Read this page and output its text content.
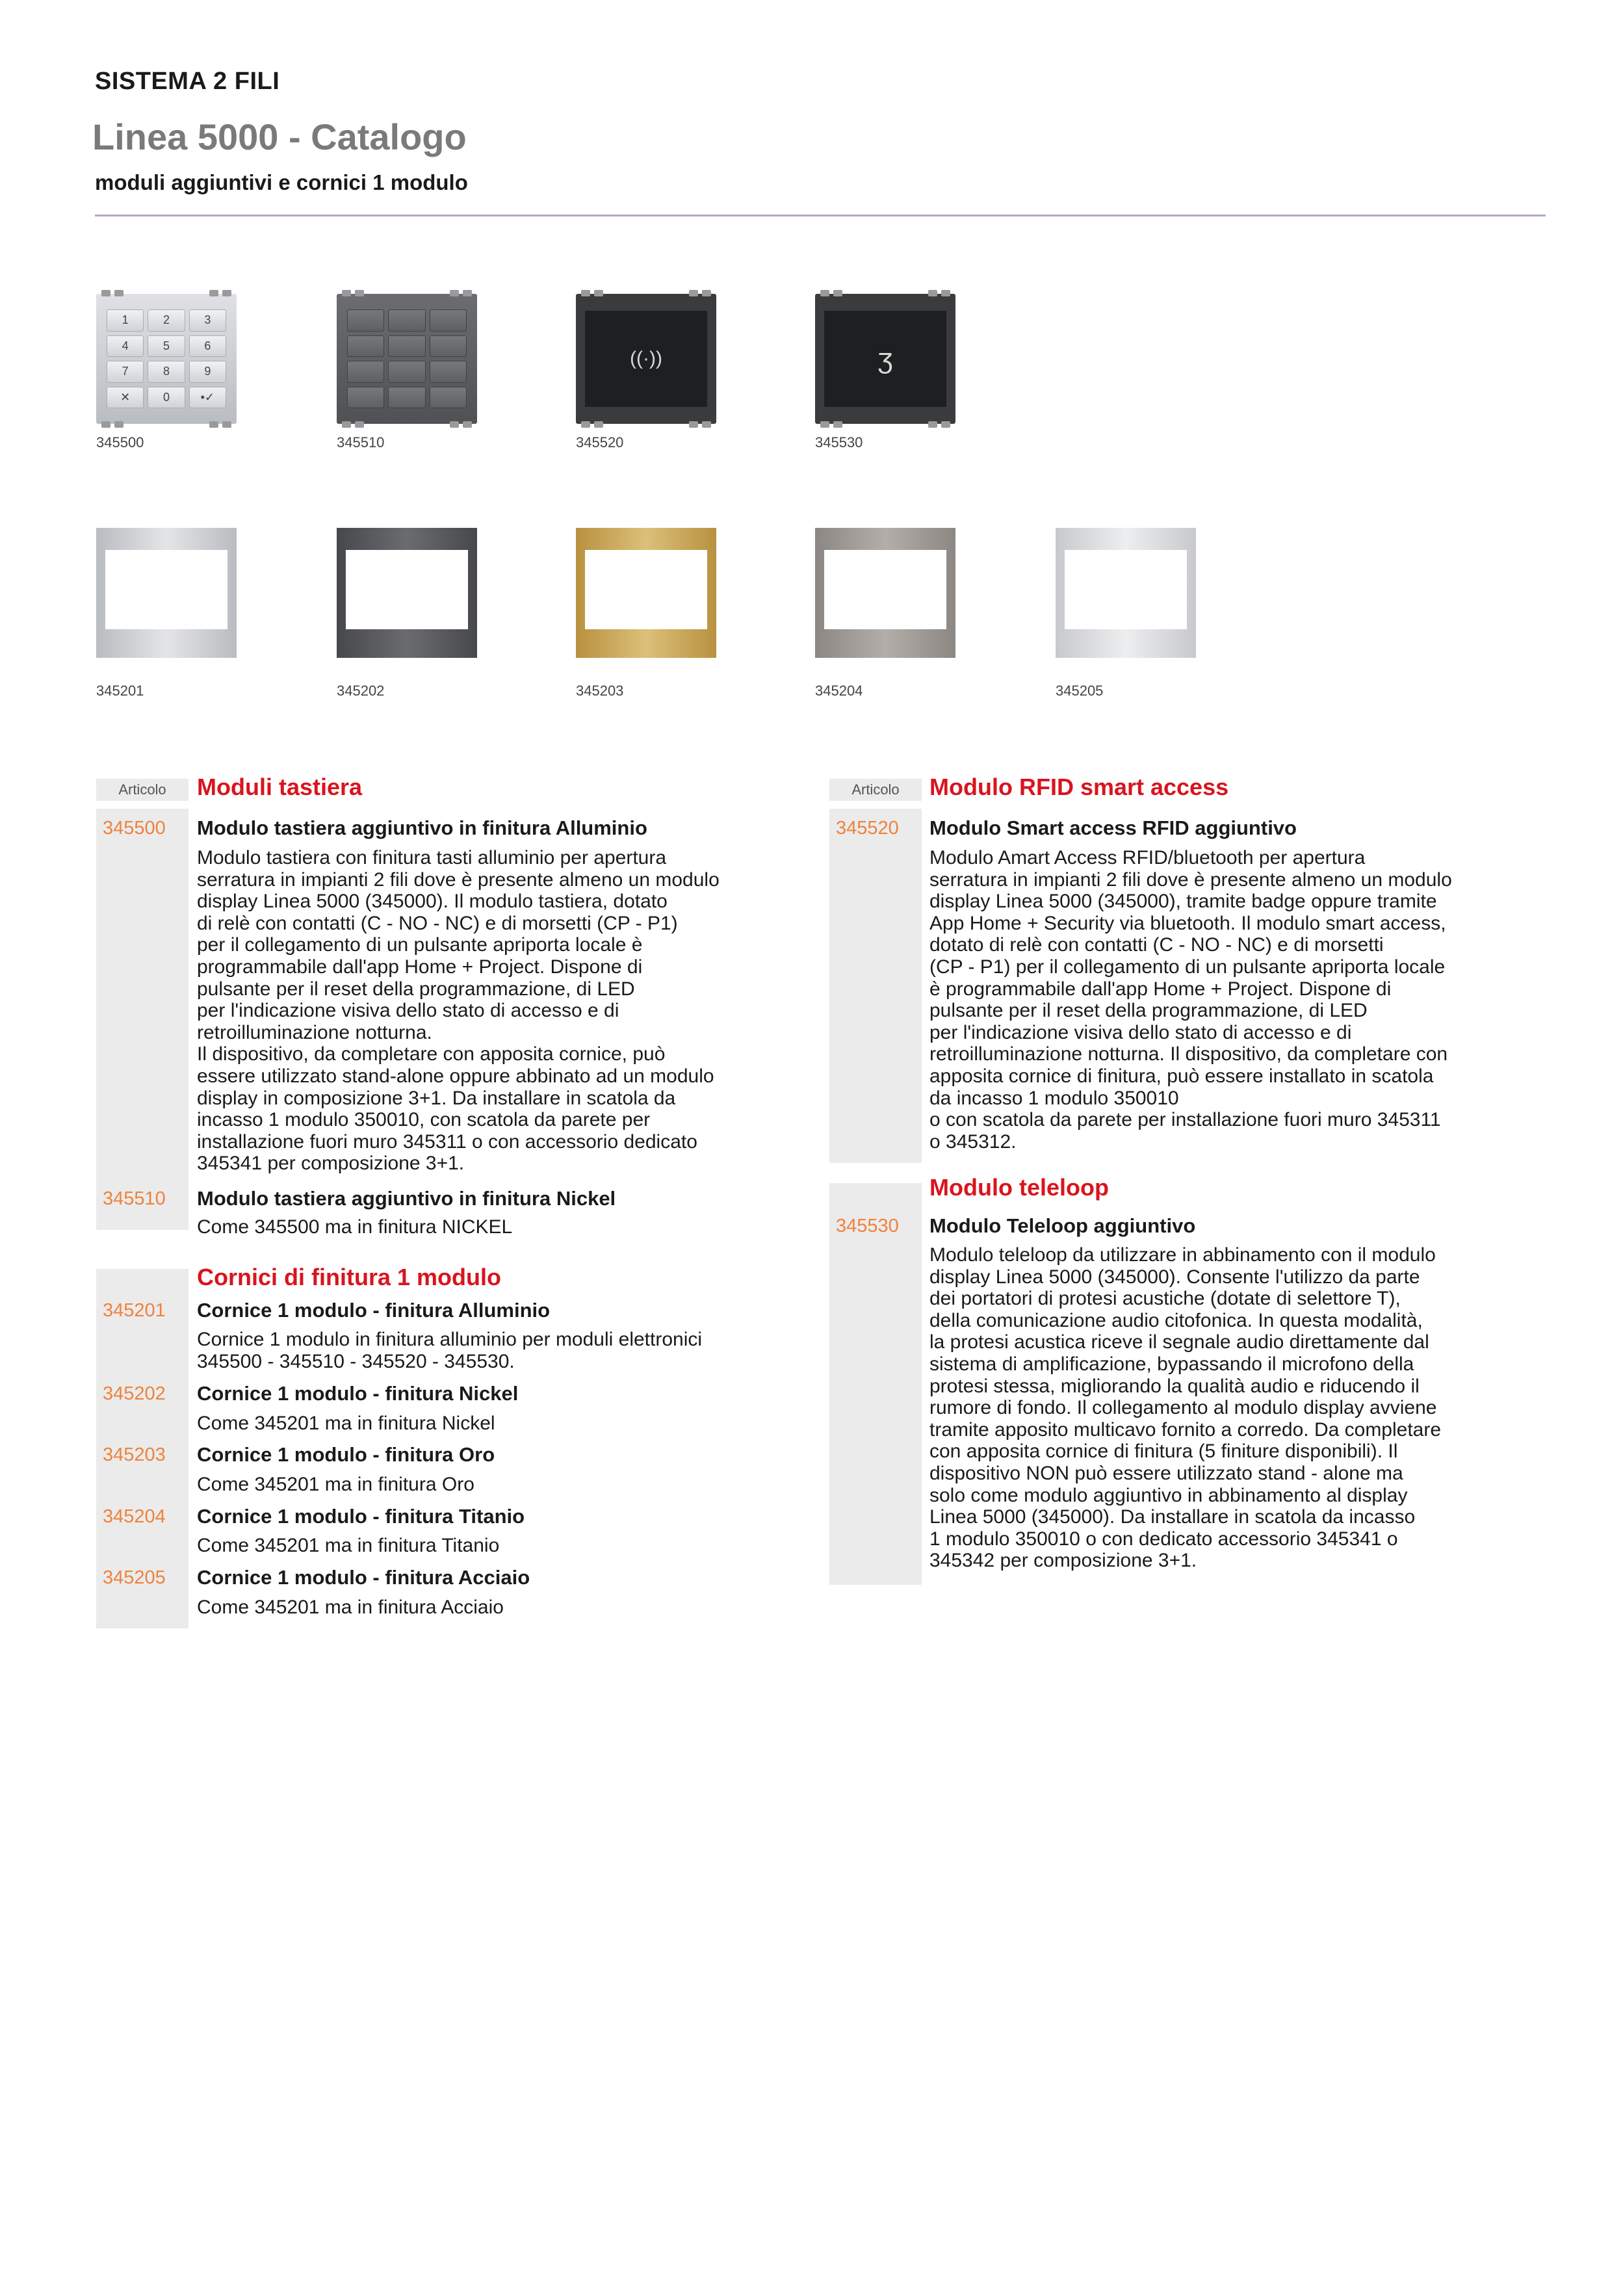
SISTEMA 2 FILI
Linea 5000 - Catalogo
moduli aggiuntivi e cornici 1 modulo
1	2	3
4	5	6
7	8	9
✕	0	•✓
345500	345510
((·))
345520
ʒ
345530
345201	345202	345203	345204	345205
Articolo	Moduli tastiera
345500 Modulo tastiera aggiuntivo in finitura Alluminio
Modulo tastiera con finitura tasti alluminio per apertura
serratura in impianti 2 fili dove è presente almeno un modulo
display Linea 5000 (345000). Il modulo tastiera, dotato
di relè con contatti (C - NO - NC) e di morsetti (CP - P1)
per il collegamento di un pulsante apriporta locale è
programmabile dall'app Home + Project. Dispone di
pulsante per il reset della programmazione, di LED
per l'indicazione visiva dello stato di accesso e di
retroilluminazione notturna.
Il dispositivo, da completare con apposita cornice, può
essere utilizzato stand-alone oppure abbinato ad un modulo
display in composizione 3+1. Da installare in scatola da
incasso 1 modulo 350010, con scatola da parete per
installazione fuori muro 345311 o con accessorio dedicato
345341 per composizione 3+1.
345510 Modulo tastiera aggiuntivo in finitura Nickel
Come 345500 ma in finitura NICKEL
Cornici di finitura 1 modulo
345201 Cornice 1 modulo - finitura Alluminio
Cornice 1 modulo in finitura alluminio per moduli elettronici
345500 - 345510 - 345520 - 345530.
345202 Cornice 1 modulo - finitura Nickel
Come 345201 ma in finitura Nickel
345203 Cornice 1 modulo - finitura Oro
Come 345201 ma in finitura Oro
345204 Cornice 1 modulo - finitura Titanio
Come 345201 ma in finitura Titanio
345205 Cornice 1 modulo - finitura Acciaio
Come 345201 ma in finitura Acciaio
Articolo	Modulo RFID smart access
345520 Modulo Smart access RFID aggiuntivo
Modulo Amart Access RFID/bluetooth per apertura
serratura in impianti 2 fili dove è presente almeno un modulo
display Linea 5000 (345000), tramite badge oppure tramite
App Home + Security via bluetooth. Il modulo smart access,
dotato di relè con contatti (C - NO - NC) e di morsetti
(CP - P1) per il collegamento di un pulsante apriporta locale
è programmabile dall'app Home + Project. Dispone di
pulsante per il reset della programmazione, di LED
per l'indicazione visiva dello stato di accesso e di
retroilluminazione notturna. Il dispositivo, da completare con
apposita cornice di finitura, può essere installato in scatola
da incasso 1 modulo 350010
o con scatola da parete per installazione fuori muro 345311
o 345312.
Modulo teleloop
345530 Modulo Teleloop aggiuntivo
Modulo teleloop da utilizzare in abbinamento con il modulo
display Linea 5000 (345000). Consente l'utilizzo da parte
dei portatori di protesi acustiche (dotate di selettore T),
della comunicazione audio citofonica. In questa modalità,
la protesi acustica riceve il segnale audio direttamente dal
sistema di amplificazione, bypassando il microfono della
protesi stessa, migliorando la qualità audio e riducendo il
rumore di fondo. Il collegamento al modulo display avviene
tramite apposito multicavo fornito a corredo. Da completare
con apposita cornice di finitura (5 finiture disponibili). Il
dispositivo NON può essere utilizzato stand - alone ma
solo come modulo aggiuntivo in abbinamento al display
Linea 5000 (345000). Da installare in scatola da incasso
1 modulo 350010 o con dedicato accessorio 345341 o
345342 per composizione 3+1.
